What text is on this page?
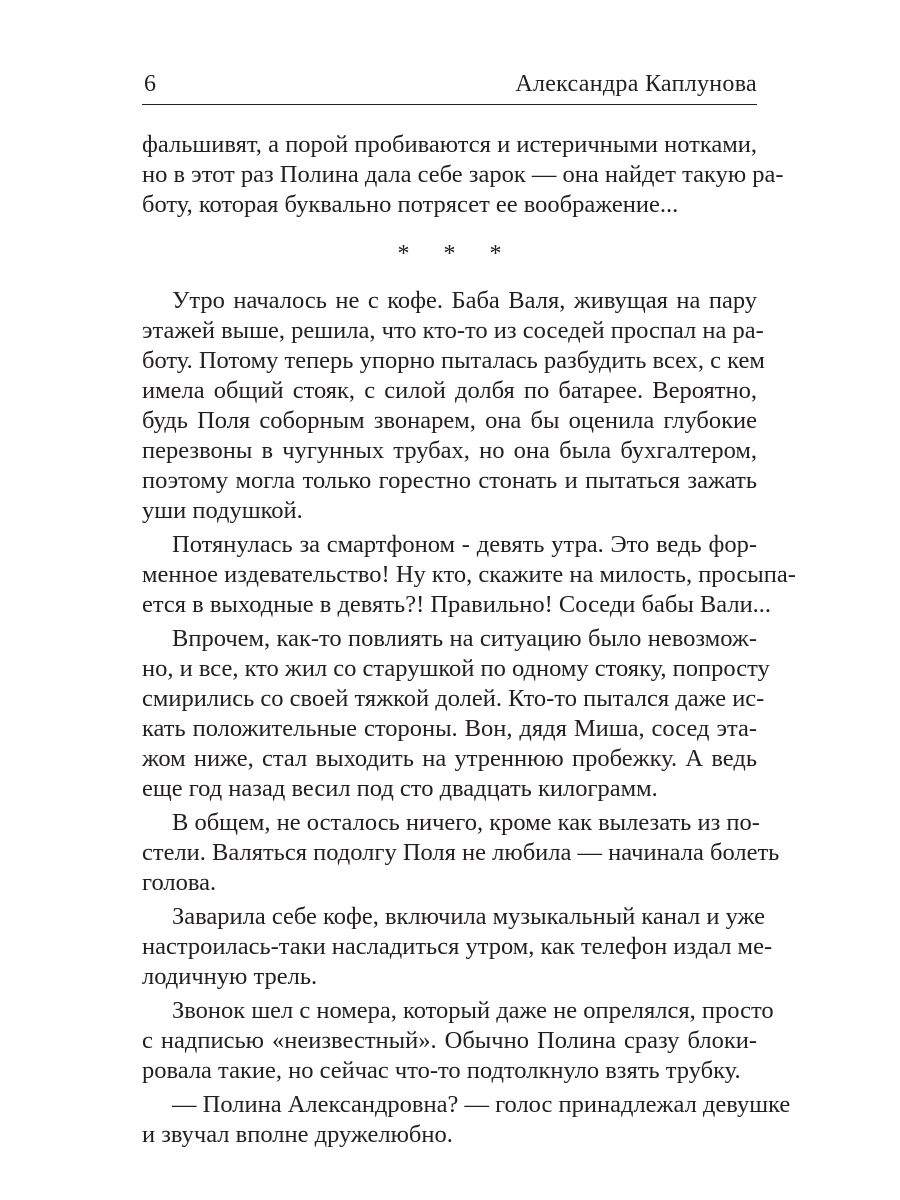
6	Александра Каплунова
фальшивят, а порой пробиваются и истеричными нотками,
но в этот раз Полина дала себе зарок — она найдет такую ра-
боту, которая буквально потрясет ее воображение...
* * *
Утро началось не с кофе. Баба Валя, живущая на пару
этажей выше, решила, что кто-то из соседей проспал на ра-
боту. Потому теперь упорно пыталась разбудить всех, с кем
имела общий стояк, с силой долбя по батарее. Вероятно,
будь Поля соборным звонарем, она бы оценила глубокие
перезвоны в чугунных трубах, но она была бухгалтером,
поэтому могла только горестно стонать и пытаться зажать
уши подушкой.
Потянулась за смартфоном - девять утра. Это ведь фор-
менное издевательство! Ну кто, скажите на милость, просыпа-
ется в выходные в девять?! Правильно! Соседи бабы Вали...
Впрочем, как-то повлиять на ситуацию было невозмож-
но, и все, кто жил со старушкой по одному стояку, попросту
смирились со своей тяжкой долей. Кто-то пытался даже ис-
кать положительные стороны. Вон, дядя Миша, сосед эта-
жом ниже, стал выходить на утреннюю пробежку. А ведь
еще год назад весил под сто двадцать килограмм.
В общем, не осталось ничего, кроме как вылезать из по-
стели. Валяться подолгу Поля не любила — начинала болеть
голова.
Заварила себе кофе, включила музыкальный канал и уже
настроилась-таки насладиться утром, как телефон издал ме-
лодичную трель.
Звонок шел с номера, который даже не опрелялся, просто
с надписью «неизвестный». Обычно Полина сразу блоки-
ровала такие, но сейчас что-то подтолкнуло взять трубку.
— Полина Александровна? — голос принадлежал девушке
и звучал вполне дружелюбно.
